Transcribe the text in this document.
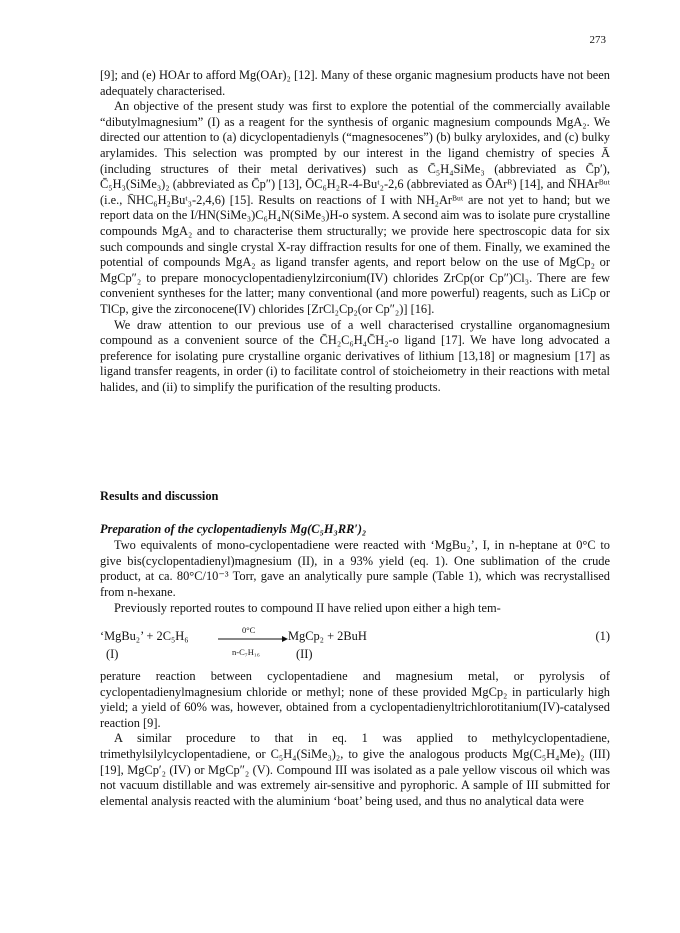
273

[9]; and (e) HOAr to afford Mg(OAr)₂ [12]. Many of these organic magnesium products have not been adequately characterised.

An objective of the present study was first to explore the potential of the commercially available “dibutylmagnesium” (I) as a reagent for the synthesis of organic magnesium compounds MgA₂. We directed our attention to (a) dicyclopentadienyls (“magnesocenes”) (b) bulky aryloxides, and (c) bulky arylamides. This selection was prompted by our interest in the ligand chemistry of species Ā (including structures of their metal derivatives) such as C̄₅H₄SiMe₃ (abbreviated as C̄p′), C̄₅H₃(SiMe₃)₂ (abbreviated as C̄p″) [13], ŌC₆H₂R-4-Buᵗ₂-2,6 (abbreviated as ŌArᴿ) [14], and N̄HArᴮᵘᵗ (i.e., N̄HC₆H₂Buᵗ₃-2,4,6) [15]. Results on reactions of I with NH₂Arᴮᵘᵗ are not yet to hand; but we report data on the I/HN(SiMe₃)C₆H₄N(SiMe₃)H-o system. A second aim was to isolate pure crystalline compounds MgA₂ and to characterise them structurally; we provide here spectroscopic data for six such compounds and single crystal X-ray diffraction results for one of them. Finally, we examined the potential of compounds MgA₂ as ligand transfer agents, and report below on the use of MgCp₂ or MgCp″₂ to prepare monocyclopentadienylzirconium(IV) chlorides ZrCp(or Cp″)Cl₃. There are few convenient syntheses for the latter; many conventional (and more powerful) reagents, such as LiCp or TlCp, give the zirconocene(IV) chlorides [ZrCl₂Cp₂(or Cp″₂)] [16].

We draw attention to our previous use of a well characterised crystalline organomagnesium compound as a convenient source of the C̄H₂C₆H₄C̄H₂-o ligand [17]. We have long advocated a preference for isolating pure crystalline organic derivatives of lithium [13,18] or magnesium [17] as ligand transfer reagents, in order (i) to facilitate control of stoicheiometry in their reactions with metal halides, and (ii) to simplify the purification of the resulting products.

Results and discussion
Preparation of the cyclopentadienyls Mg(C₅H₃RR′)₂

Two equivalents of mono-cyclopentadiene were reacted with ‘MgBu₂’, I, in n-heptane at 0°C to give bis(cyclopentadienyl)magnesium (II), in a 93% yield (eq. 1). One sublimation of the crude product, at ca. 80°C/10⁻³ Torr, gave an analytically pure sample (Table 1), which was recrystallised from n-hexane.

Previously reported routes to compound II have relied upon either a high tem-

‘MgBu₂’ + 2C₅H₆	0°C
n-C₇H₁₆
MgCp₂ + 2BuH	(1)
(I)	(II)

perature reaction between cyclopentadiene and magnesium metal, or pyrolysis of cyclopentadienylmagnesium chloride or methyl; none of these provided MgCp₂ in particularly high yield; a yield of 60% was, however, obtained from a cyclopentadienyltrichlorotitanium(IV)-catalysed reaction [9].

A similar procedure to that in eq. 1 was applied to methylcyclopentadiene, trimethylsilylcyclopentadiene, or C₅H₄(SiMe₃)₂, to give the analogous products Mg(C₅H₄Me)₂ (III) [19], MgCp′₂ (IV) or MgCp″₂ (V). Compound III was isolated as a pale yellow viscous oil which was not vacuum distillable and was extremely air-sensitive and pyrophoric. A sample of III submitted for elemental analysis reacted with the aluminium ‘boat’ being used, and thus no analytical data were
